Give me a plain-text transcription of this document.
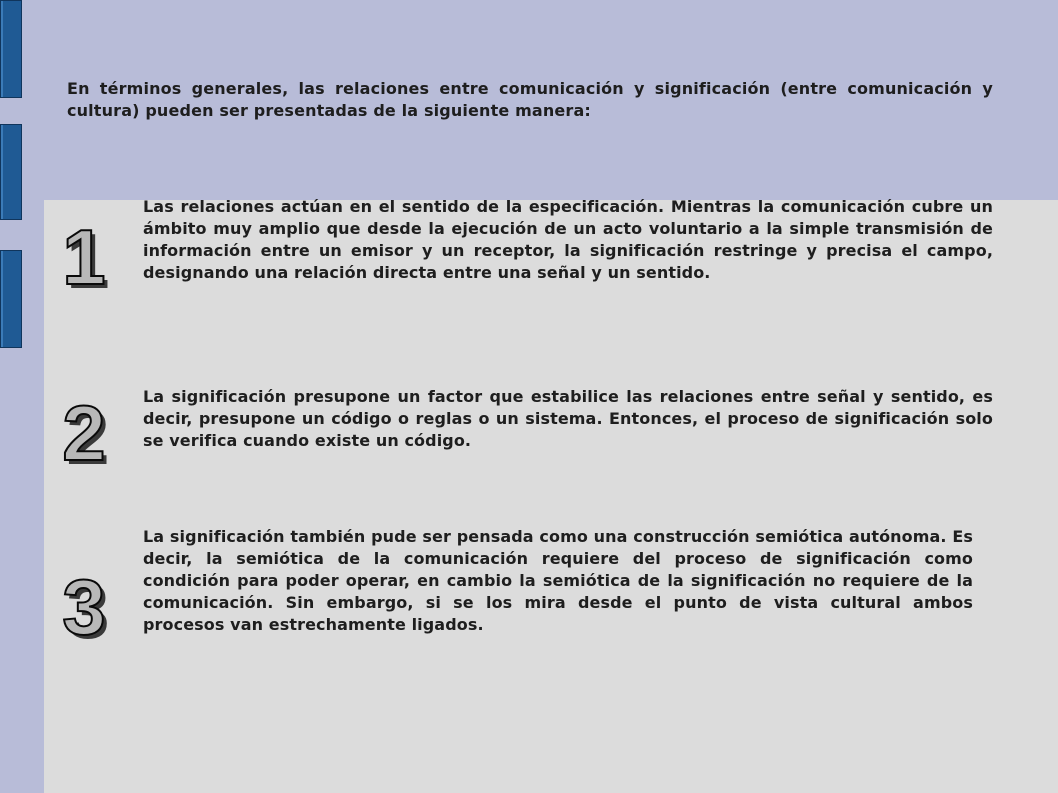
En términos generales, las relaciones entre comunicación y significación (entre comunicación y cultura) pueden ser presentadas de la siguiente manera:
1
Las relaciones actúan en el sentido de la especificación. Mientras la comunicación cubre un ámbito muy amplio que desde la ejecución de un acto voluntario a la simple transmisión de información entre un emisor y un receptor, la significación restringe y precisa el campo, designando una relación directa entre una señal y un sentido.
2 La significación presupone un factor que estabilice las relaciones entre señal y sentido, es decir, presupone un código o reglas o un sistema. Entonces, el proceso de significación solo se verifica cuando existe un código.
3
La significación también pude ser pensada como una construcción semiótica autónoma. Es decir, la semiótica de la comunicación requiere del proceso de significación como condición para poder operar, en cambio la semiótica de la significación no requiere de la comunicación. Sin embargo, si se los mira desde el punto de vista cultural ambos procesos van estrechamente ligados.
